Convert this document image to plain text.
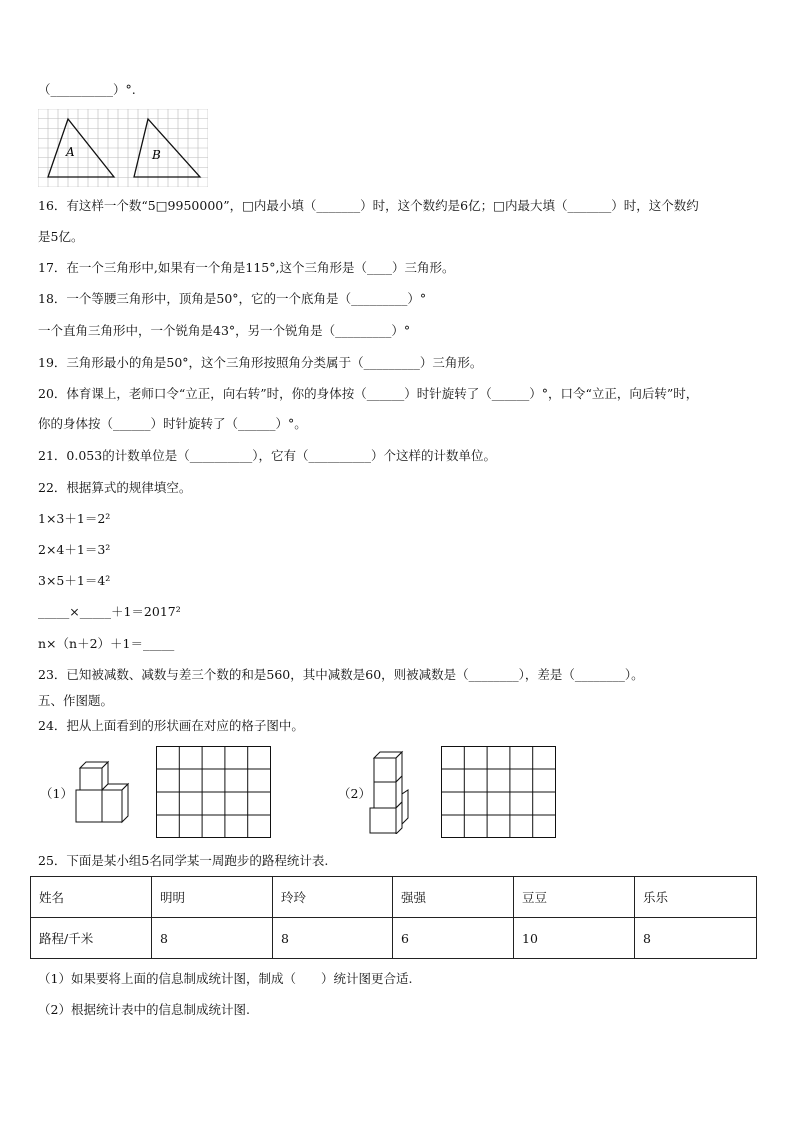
（__________）°.
A	B
16．有这样一个数“5□9950000”，□内最小填（_______）时，这个数约是6亿；□内最大填（_______）时，这个数约
是5亿。
17．在一个三角形中,如果有一个角是115°,这个三角形是（____）三角形。
18．一个等腰三角形中，顶角是50°，它的一个底角是（_________）°
一个直角三角形中，一个锐角是43°，另一个锐角是（_________）°
19．三角形最小的角是50°，这个三角形按照角分类属于（_________）三角形。
20．体育课上，老师口令“立正，向右转”时，你的身体按（______）时针旋转了（______）°，口令“立正，向后转”时，
你的身体按（______）时针旋转了（______）°。
21．0.053的计数单位是（__________），它有（__________）个这样的计数单位。
22．根据算式的规律填空。
1×3＋1＝2²
2×4＋1＝3²
3×5＋1＝4²
_____×_____＋1＝2017²
n×（n＋2）＋1＝_____
23．已知被减数、减数与差三个数的和是560，其中减数是60，则被减数是（________），差是（________）。
五、作图题。
24．把从上面看到的形状画在对应的格子图中。
（1）	（2）
25．下面是某小组5名同学某一周跑步的路程统计表.
姓名	明明	玲玲	强强	豆豆	乐乐
路程/千米	8	8	6	10	8
（1）如果要将上面的信息制成统计图，制成（　　）统计图更合适.
（2）根据统计表中的信息制成统计图.
